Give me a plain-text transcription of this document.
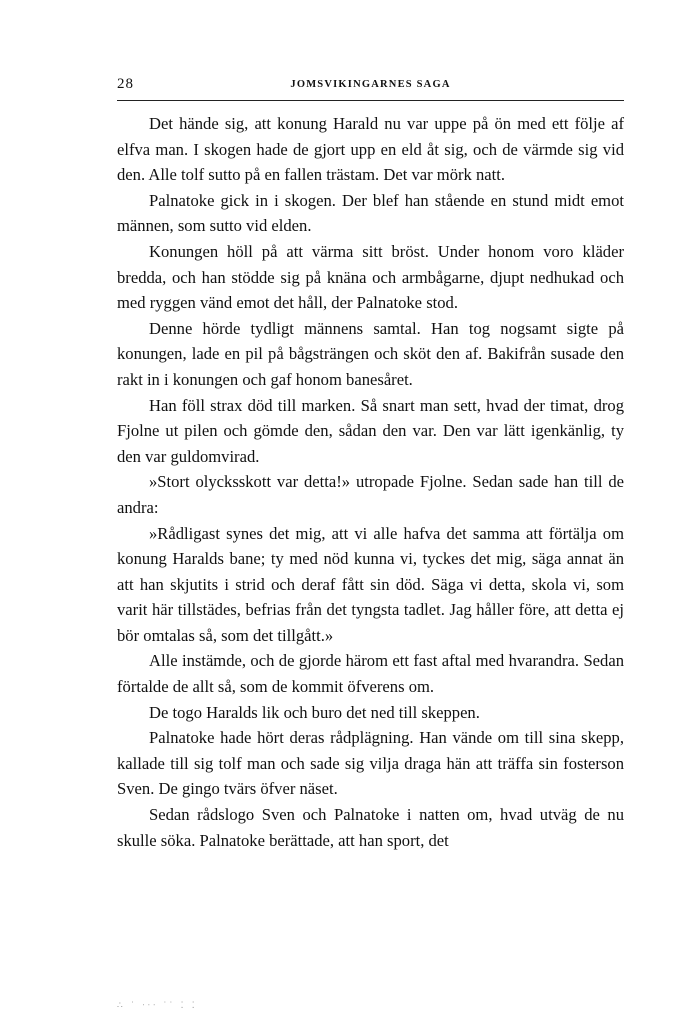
28	JOMSVIKINGARNES SAGA

Det hände sig, att konung Harald nu var uppe på ön med ett följe af elfva man. I skogen hade de gjort upp en eld åt sig, och de värmde sig vid den. Alle tolf sutto på en fallen trästam. Det var mörk natt.

Palnatoke gick in i skogen. Der blef han stående en stund midt emot männen, som sutto vid elden.

Konungen höll på att värma sitt bröst. Under honom voro kläder bredda, och han stödde sig på knäna och armbågarne, djupt nedhukad och med ryggen vänd emot det håll, der Palnatoke stod.

Denne hörde tydligt männens samtal. Han tog nogsamt sigte på konungen, lade en pil på bågsträngen och sköt den af. Bakifrån susade den rakt in i konungen och gaf honom banesåret.

Han föll strax död till marken. Så snart man sett, hvad der timat, drog Fjolne ut pilen och gömde den, sådan den var. Den var lätt igenkänlig, ty den var guldomvirad.

»Stort olycksskott var detta!» utropade Fjolne. Sedan sade han till de andra:

»Rådligast synes det mig, att vi alle hafva det samma att förtälja om konung Haralds bane; ty med nöd kunna vi, tyckes det mig, säga annat än att han skjutits i strid och deraf fått sin död. Säga vi detta, skola vi, som varit här tillstädes, befrias från det tyngsta tadlet. Jag håller före, att detta ej bör omtalas så, som det tillgått.»

Alle instämde, och de gjorde härom ett fast aftal med hvarandra. Sedan förtalde de allt så, som de kommit öfverens om.

De togo Haralds lik och buro det ned till skeppen.

Palnatoke hade hört deras rådplägning. Han vände om till sina skepp, kallade till sig tolf man och sade sig vilja draga hän att träffa sin fosterson Sven. De gingo tvärs öfver näset.

Sedan rådslogo Sven och Palnatoke i natten om, hvad utväg de nu skulle söka. Palnatoke berättade, att han sport, det

∴ ˙ ᐧᐧᐧ ˙˙ ⁚ ⁚
